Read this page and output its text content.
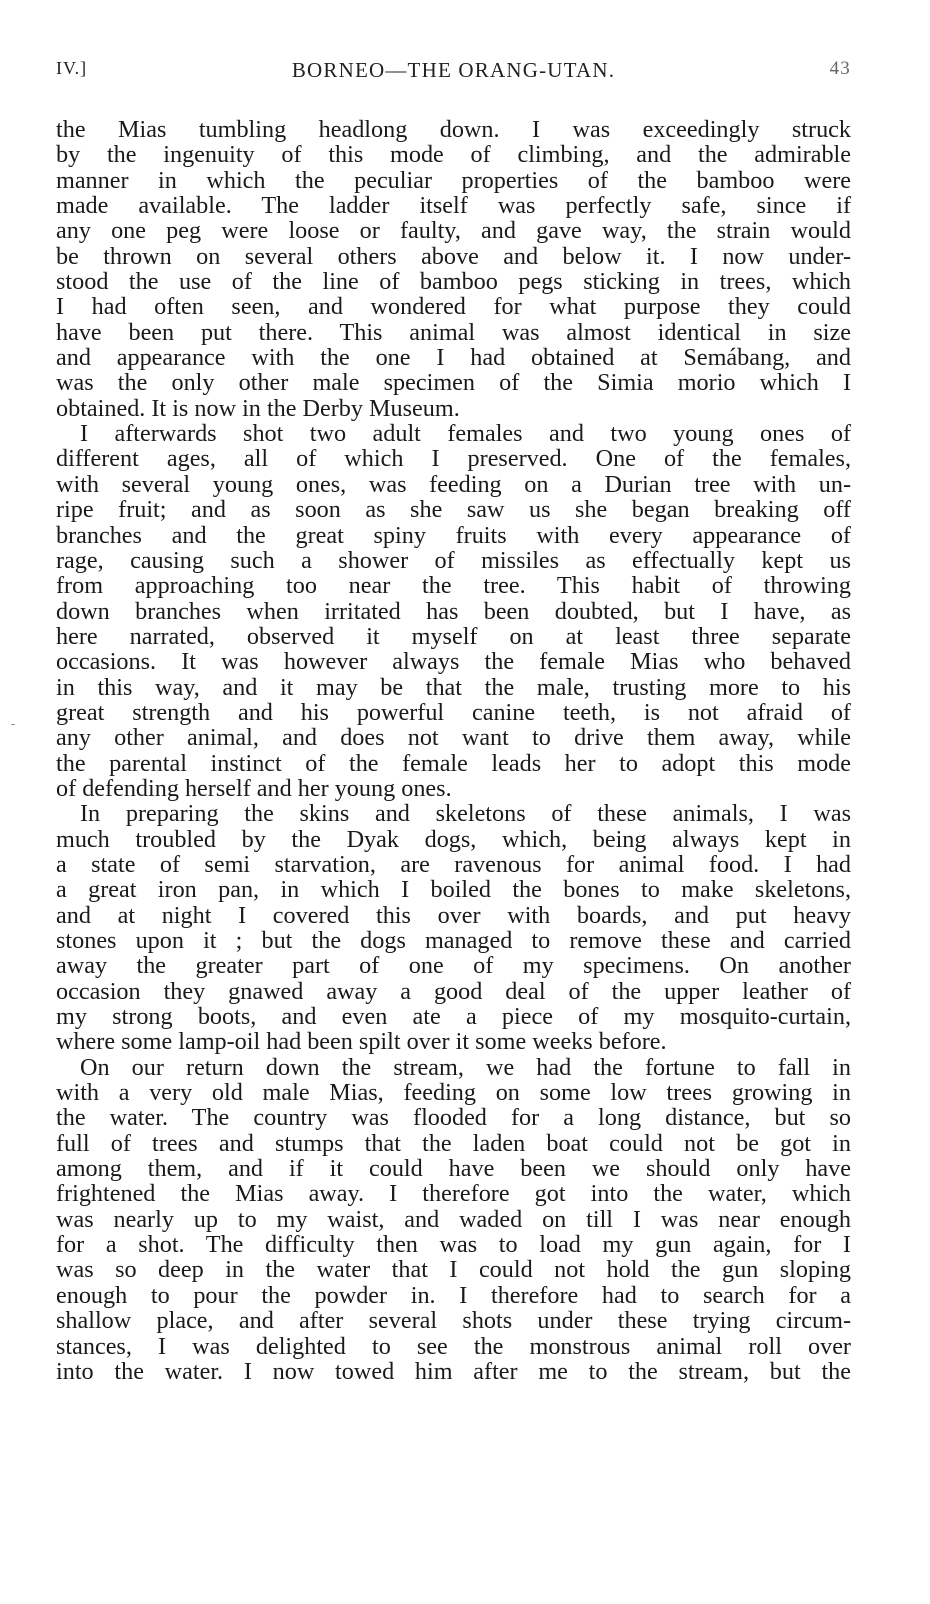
IV.]	BORNEO—THE ORANG-UTAN.	43
the Mias tumbling headlong down. I was exceedingly struck
by the ingenuity of this mode of climbing, and the admirable
manner in which the peculiar properties of the bamboo were
made available. The ladder itself was perfectly safe, since if
any one peg were loose or faulty, and gave way, the strain would
be thrown on several others above and below it. I now under-
stood the use of the line of bamboo pegs sticking in trees, which
I had often seen, and wondered for what purpose they could
have been put there. This animal was almost identical in size
and appearance with the one I had obtained at Semábang, and
was the only other male specimen of the Simia morio which I
obtained. It is now in the Derby Museum.
I afterwards shot two adult females and two young ones of
different ages, all of which I preserved. One of the females,
with several young ones, was feeding on a Durian tree with un-
ripe fruit; and as soon as she saw us she began breaking off
branches and the great spiny fruits with every appearance of
rage, causing such a shower of missiles as effectually kept us
from approaching too near the tree. This habit of throwing
down branches when irritated has been doubted, but I have, as
here narrated, observed it myself on at least three separate
occasions. It was however always the female Mias who behaved
in this way, and it may be that the male, trusting more to his
great strength and his powerful canine teeth, is not afraid of
any other animal, and does not want to drive them away, while
the parental instinct of the female leads her to adopt this mode
of defending herself and her young ones.
In preparing the skins and skeletons of these animals, I was
much troubled by the Dyak dogs, which, being always kept in
a state of semi starvation, are ravenous for animal food. I had
a great iron pan, in which I boiled the bones to make skeletons,
and at night I covered this over with boards, and put heavy
stones upon it ; but the dogs managed to remove these and carried
away the greater part of one of my specimens. On another
occasion they gnawed away a good deal of the upper leather of
my strong boots, and even ate a piece of my mosquito-curtain,
where some lamp-oil had been spilt over it some weeks before.
On our return down the stream, we had the fortune to fall in
with a very old male Mias, feeding on some low trees growing in
the water. The country was flooded for a long distance, but so
full of trees and stumps that the laden boat could not be got in
among them, and if it could have been we should only have
frightened the Mias away. I therefore got into the water, which
was nearly up to my waist, and waded on till I was near enough
for a shot. The difficulty then was to load my gun again, for I
was so deep in the water that I could not hold the gun sloping
enough to pour the powder in. I therefore had to search for a
shallow place, and after several shots under these trying circum-
stances, I was delighted to see the monstrous animal roll over
into the water. I now towed him after me to the stream, but the
